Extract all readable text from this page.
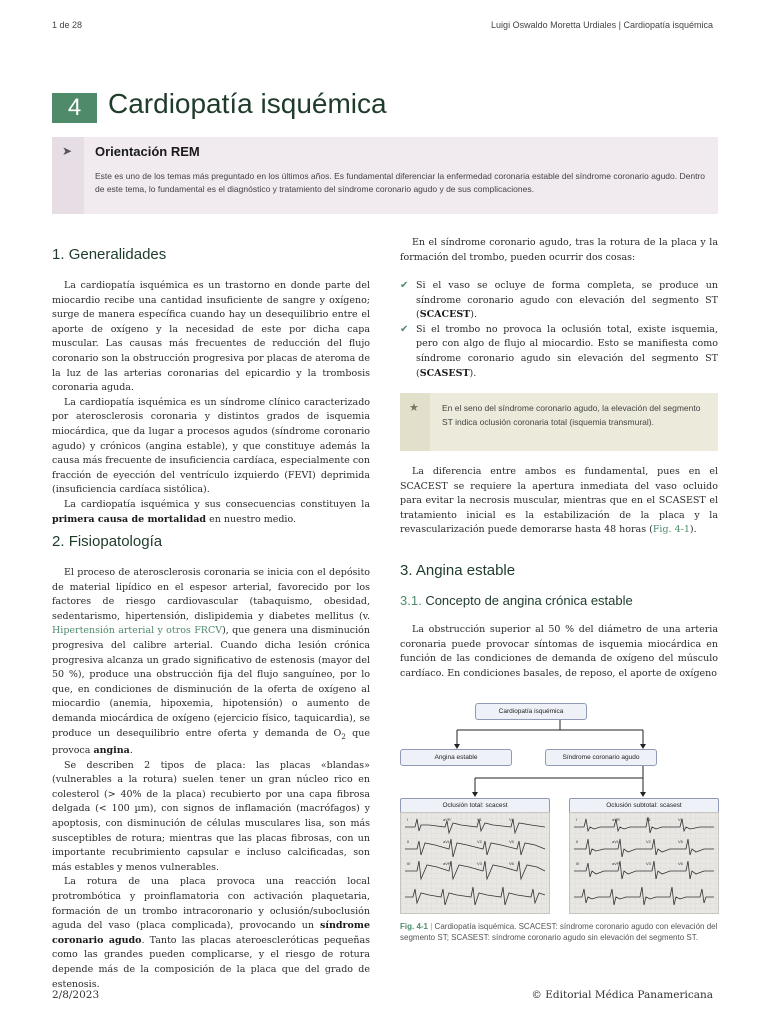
1 de 28	Luigi Oswaldo Moretta Urdiales | Cardiopatía isquémica
4 Cardiopatía isquémica
➤ Orientación REM
Este es uno de los temas más preguntado en los últimos años. Es fundamental diferenciar la enfermedad coronaria estable del síndrome coronario agudo. Dentro de este tema, lo fundamental es el diagnóstico y tratamiento del síndrome coronario agudo y de sus complicaciones.
1. Generalidades

La cardiopatía isquémica es un trastorno en donde parte del miocardio recibe una cantidad insuficiente de sangre y oxígeno; surge de manera específica cuando hay un desequilibrio entre el aporte de oxígeno y la necesidad de este por dicha capa muscular. Las causas más frecuentes de reducción del flujo coronario son la obstrucción progresiva por placas de ateroma de la luz de las arterias coronarias del epicardio y la trombosis coronaria aguda.

La cardiopatía isquémica es un síndrome clínico caracterizado por aterosclerosis coronaria y distintos grados de isquemia miocárdica, que da lugar a procesos agudos (síndrome coronario agudo) y crónicos (angina estable), y que constituye además la causa más frecuente de insuficiencia cardíaca, especialmente con fracción de eyección del ventrículo izquierdo (FEVI) deprimida (insuficiencia cardíaca sistólica).

La cardiopatía isquémica y sus consecuencias constituyen la primera causa de mortalidad en nuestro medio.

2. Fisiopatología

El proceso de aterosclerosis coronaria se inicia con el depósito de material lipídico en el espesor arterial, favorecido por los factores de riesgo cardiovascular (tabaquismo, obesidad, sedentarismo, hipertensión, dislipidemia y diabetes mellitus (v. Hipertensión arterial y otros FRCV), que genera una disminución progresiva del calibre arterial. Cuando dicha lesión crónica progresiva alcanza un grado significativo de estenosis (mayor del 50 %), produce una obstrucción fija del flujo sanguíneo, por lo que, en condiciones de disminución de la oferta de oxígeno al miocardio (anemia, hipoxemia, hipotensión) o aumento de demanda miocárdica de oxígeno (ejercicio físico, taquicardia), se produce un desequilibrio entre oferta y demanda de $O_2$ que provoca angina.

Se describen 2 tipos de placa: las placas «blandas» (vulnerables a la rotura) suelen tener un gran núcleo rico en colesterol (> 40% de la placa) recubierto por una capa fibrosa delgada (< 100 µm), con signos de inflamación (macrófagos) y apoptosis, con disminución de células musculares lisa, son más susceptibles de rotura; mientras que las placas fibrosas, con un importante recubrimiento capsular e incluso calcificadas, son más estables y menos vulnerables.

La rotura de una placa provoca una reacción local protrombótica y proinflamatoria con activación plaquetaria, formación de un trombo intracoronario y oclusión/suboclusión aguda del vaso (placa complicada), provocando un síndrome coronario agudo. Tanto las placas ateroescleróticas pequeñas como las grandes pueden complicarse, y el riesgo de rotura depende más de la composición de la placa que del grado de estenosis.

En el síndrome coronario agudo, tras la rotura de la placa y la formación del trombo, pueden ocurrir dos cosas:

✔ Si el vaso se ocluye de forma completa, se produce un síndrome coronario agudo con elevación del segmento ST (SCACEST).
✔ Si el trombo no provoca la oclusión total, existe isquemia, pero con algo de flujo al miocardio. Esto se manifiesta como síndrome coronario agudo sin elevación del segmento ST (SCASEST).
★	En el seno del síndrome coronario agudo, la elevación del segmento ST indica oclusión coronaria total (isquemia transmural).

La diferencia entre ambos es fundamental, pues en el SCACEST se requiere la apertura inmediata del vaso ocluido para evitar la necrosis muscular, mientras que en el SCASEST el tratamiento inicial es la estabilización de la placa y la revascularización puede demorarse hasta 48 horas (Fig. 4-1).

3. Angina estable
3.1. Concepto de angina crónica estable

La obstrucción superior al 50 % del diámetro de una arteria coronaria puede provocar síntomas de isquemia miocárdica en función de las condiciones de demanda de oxígeno del músculo cardíaco. En condiciones basales, de reposo, el aporte de oxígeno

Cardiopatía isquémica
Angina estable	Síndrome coronario agudo
Oclusión total: scacest	Oclusión subtotal: scasest
I	aVR	V1	V4
II	aVL	V2	V5
III	aVF	V3	V6
I	aVR	V1	V4
II	aVL	V2	V5
III	aVF	V3	V6
Fig. 4-1 | Cardiopatía isquémica. SCACEST: síndrome coronario agudo con elevación del segmento ST; SCASEST: síndrome coronario agudo sin elevación del segmento ST.
2/8/2023	© Editorial Médica Panamericana
